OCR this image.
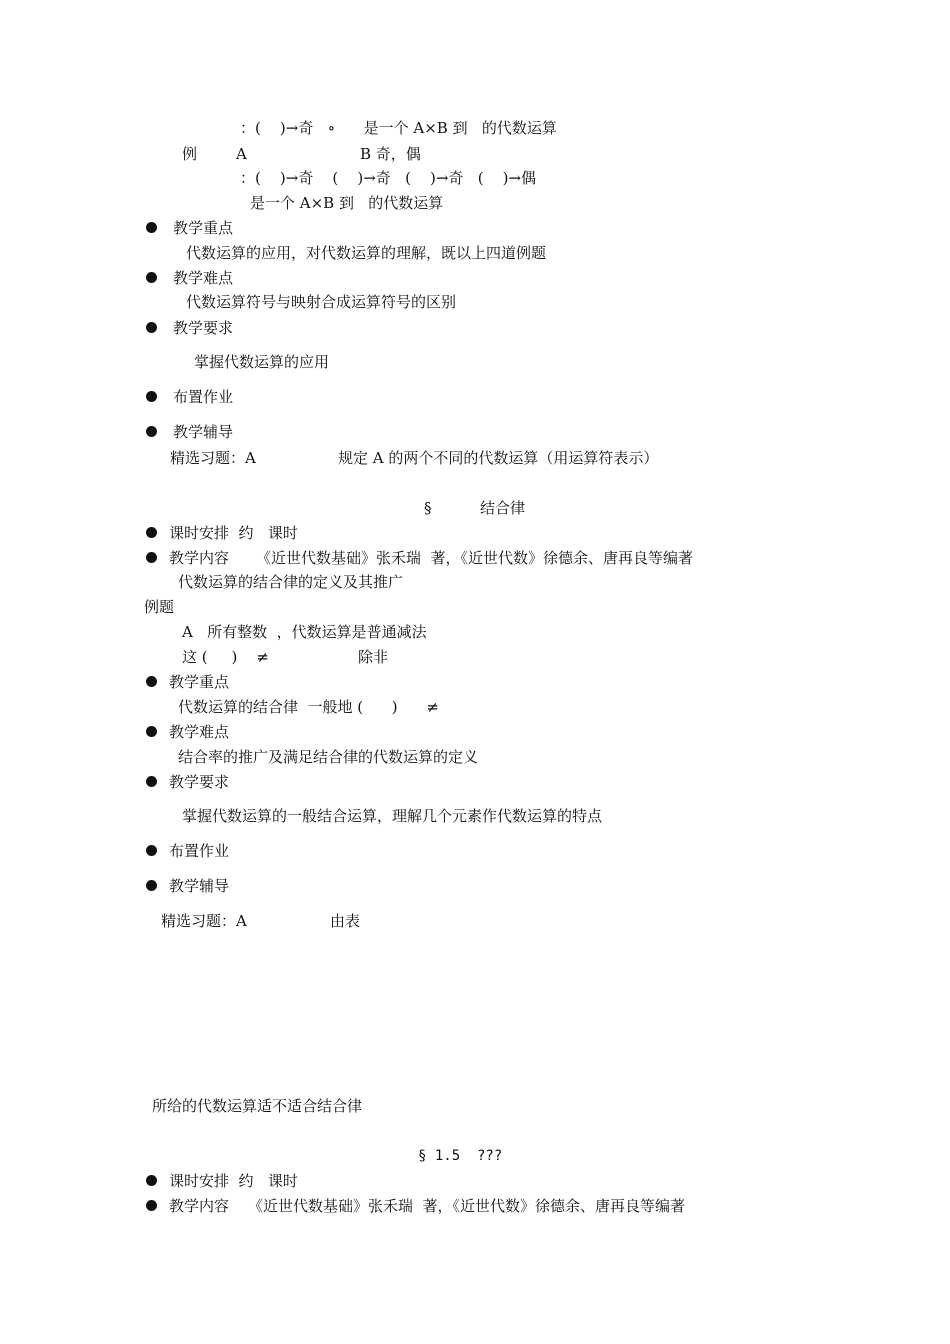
：(    )→奇   ∘      是一个 A×B 到   的代数运算
例	A	B 奇，偶
：(    )→奇    (    )→奇   (    )→奇   (    )→偶
是一个 A×B 到   的代数运算
教学重点
代数运算的应用，对代数运算的理解，既以上四道例题
教学难点
代数运算符号与映射合成运算符号的区别
教学要求
掌握代数运算的应用
布置作业
教学辅导
精选习题：A	规定 A 的两个不同的代数运算（用运算符表示）
§	结合律
课时安排  约   课时
教学内容 《近世代数基础》张禾瑞  著，《近世代数》徐德余、唐再良等编著
代数运算的结合律的定义及其推广
例题
A   所有整数  ，代数运算是普通减法
这 (     )    ≠	除非
教学重点
代数运算的结合律  一般地 (      )      ≠
教学难点
结合率的推广及满足结合律的代数运算的定义
教学要求
掌握代数运算的一般结合运算，理解几个元素作代数运算的特点
布置作业
教学辅导
精选习题：A	由表
所给的代数运算适不适合结合律
§ 1.5  ???
课时安排  约   课时
教学内容 《近世代数基础》张禾瑞  著，《近世代数》徐德余、唐再良等编著
